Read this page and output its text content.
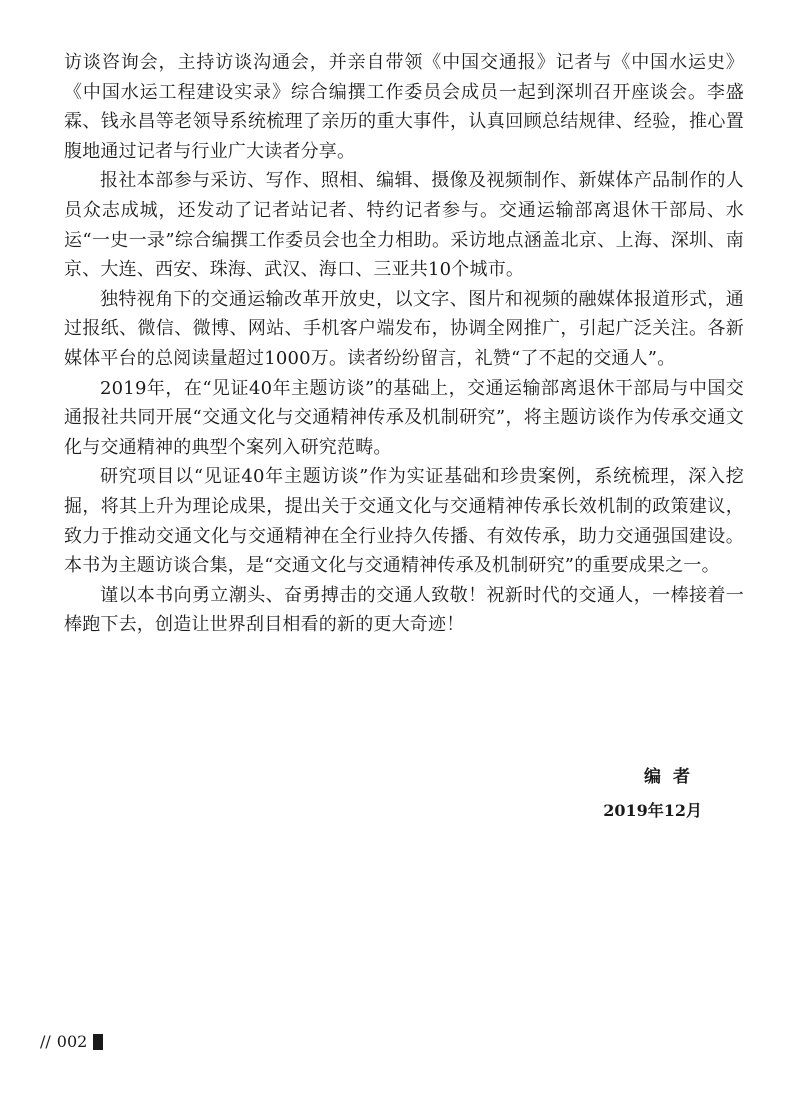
访谈咨询会，主持访谈沟通会，并亲自带领《中国交通报》记者与《中国水运史》《中国水运工程建设实录》综合编撰工作委员会成员一起到深圳召开座谈会。李盛霖、钱永昌等老领导系统梳理了亲历的重大事件，认真回顾总结规律、经验，推心置腹地通过记者与行业广大读者分享。

报社本部参与采访、写作、照相、编辑、摄像及视频制作、新媒体产品制作的人员众志成城，还发动了记者站记者、特约记者参与。交通运输部离退休干部局、水运“一史一录”综合编撰工作委员会也全力相助。采访地点涵盖北京、上海、深圳、南京、大连、西安、珠海、武汉、海口、三亚共10个城市。

独特视角下的交通运输改革开放史，以文字、图片和视频的融媒体报道形式，通过报纸、微信、微博、网站、手机客户端发布，协调全网推广，引起广泛关注。各新媒体平台的总阅读量超过1000万。读者纷纷留言，礼赞“了不起的交通人”。

2019年，在“见证40年主题访谈”的基础上，交通运输部离退休干部局与中国交通报社共同开展“交通文化与交通精神传承及机制研究”，将主题访谈作为传承交通文化与交通精神的典型个案列入研究范畴。

研究项目以“见证40年主题访谈”作为实证基础和珍贵案例，系统梳理，深入挖掘，将其上升为理论成果，提出关于交通文化与交通精神传承长效机制的政策建议，致力于推动交通文化与交通精神在全行业持久传播、有效传承，助力交通强国建设。本书为主题访谈合集，是“交通文化与交通精神传承及机制研究”的重要成果之一。

谨以本书向勇立潮头、奋勇搏击的交通人致敬！祝新时代的交通人，一棒接着一棒跑下去，创造让世界刮目相看的新的更大奇迹！

编者
2019年12月
// 002
